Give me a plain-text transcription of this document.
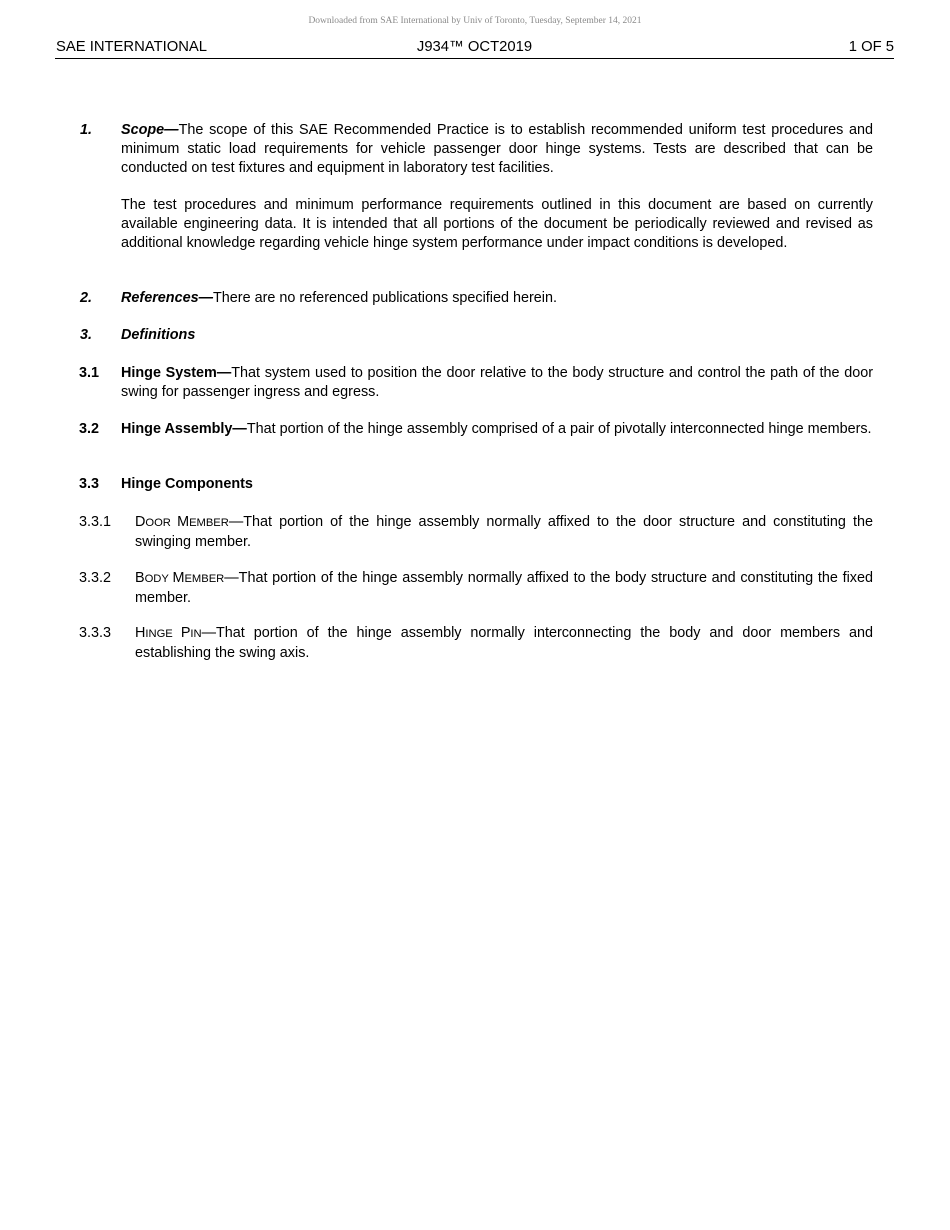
Downloaded from SAE International by Univ of Toronto, Tuesday, September 14, 2021
SAE INTERNATIONAL	J934™ OCT2019	1 OF 5
1. Scope—The scope of this SAE Recommended Practice is to establish recommended uniform test procedures and minimum static load requirements for vehicle passenger door hinge systems. Tests are described that can be conducted on test fixtures and equipment in laboratory test facilities.
The test procedures and minimum performance requirements outlined in this document are based on currently available engineering data. It is intended that all portions of the document be periodically reviewed and revised as additional knowledge regarding vehicle hinge system performance under impact conditions is developed.
2. References—There are no referenced publications specified herein.
3. Definitions
3.1 Hinge System—That system used to position the door relative to the body structure and control the path of the door swing for passenger ingress and egress.
3.2 Hinge Assembly—That portion of the hinge assembly comprised of a pair of pivotally interconnected hinge members.
3.3 Hinge Components
3.3.1 DOOR MEMBER—That portion of the hinge assembly normally affixed to the door structure and constituting the swinging member.
3.3.2 BODY MEMBER—That portion of the hinge assembly normally affixed to the body structure and constituting the fixed member.
3.3.3 HINGE PIN—That portion of the hinge assembly normally interconnecting the body and door members and establishing the swing axis.
